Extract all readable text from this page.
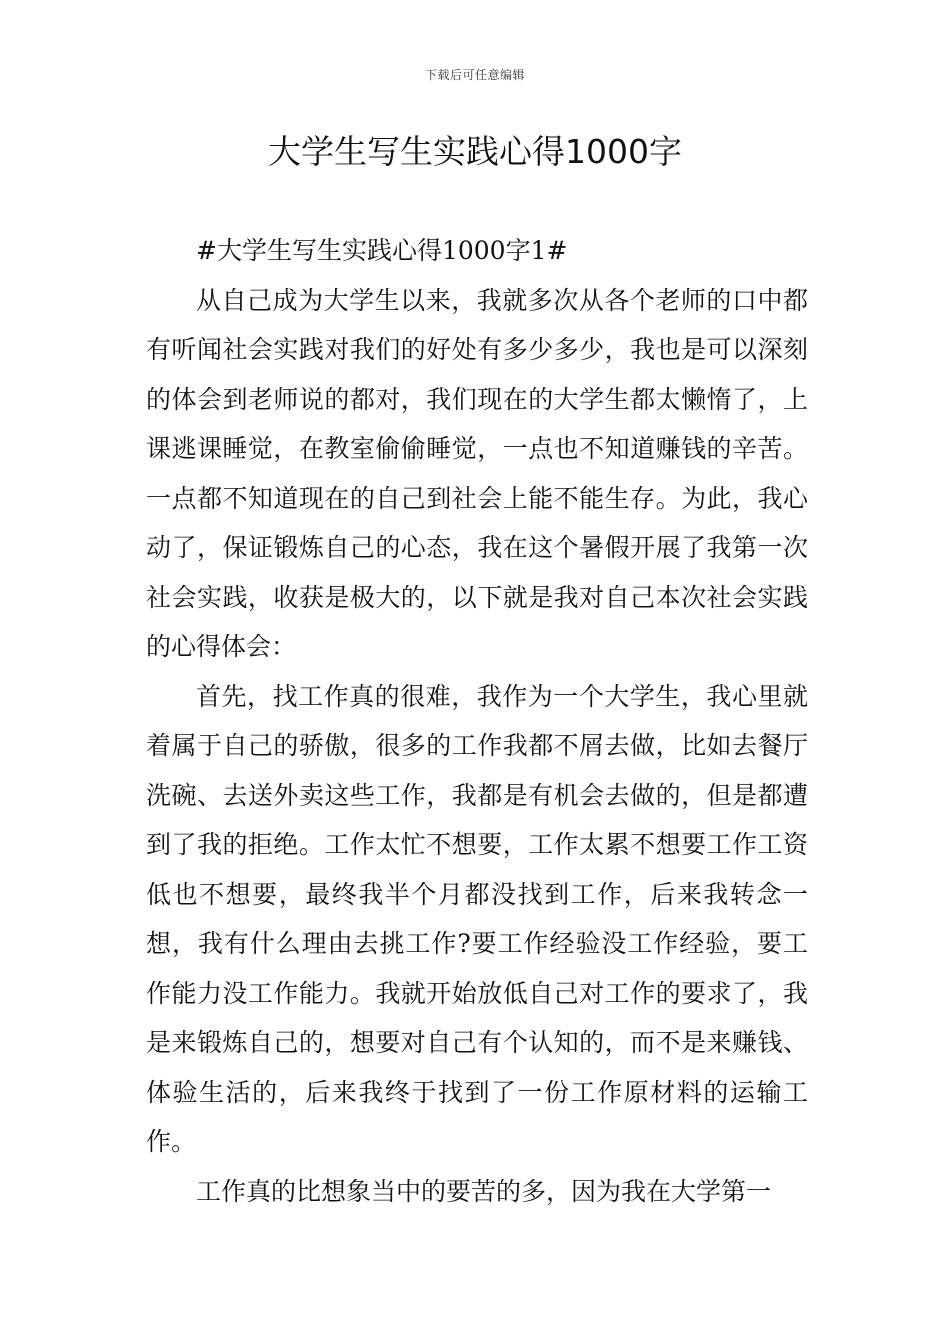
下载后可任意编辑
大学生写生实践心得1000字

#大学生写生实践心得1000字1#

从自己成为大学生以来，我就多次从各个老师的口中都有听闻社会实践对我们的好处有多少多少，我也是可以深刻的体会到老师说的都对，我们现在的大学生都太懒惰了，上课逃课睡觉，在教室偷偷睡觉，一点也不知道赚钱的辛苦。一点都不知道现在的自己到社会上能不能生存。为此，我心动了，保证锻炼自己的心态，我在这个暑假开展了我第一次社会实践，收获是极大的，以下就是我对自己本次社会实践的心得体会：

首先，找工作真的很难，我作为一个大学生，我心里就着属于自己的骄傲，很多的工作我都不屑去做，比如去餐厅洗碗、去送外卖这些工作，我都是有机会去做的，但是都遭到了我的拒绝。工作太忙不想要，工作太累不想要工作工资低也不想要，最终我半个月都没找到工作，后来我转念一想，我有什么理由去挑工作?要工作经验没工作经验，要工作能力没工作能力。我就开始放低自己对工作的要求了，我是来锻炼自己的，想要对自己有个认知的，而不是来赚钱、体验生活的，后来我终于找到了一份工作原材料的运输工作。

工作真的比想象当中的要苦的多，因为我在大学第一
